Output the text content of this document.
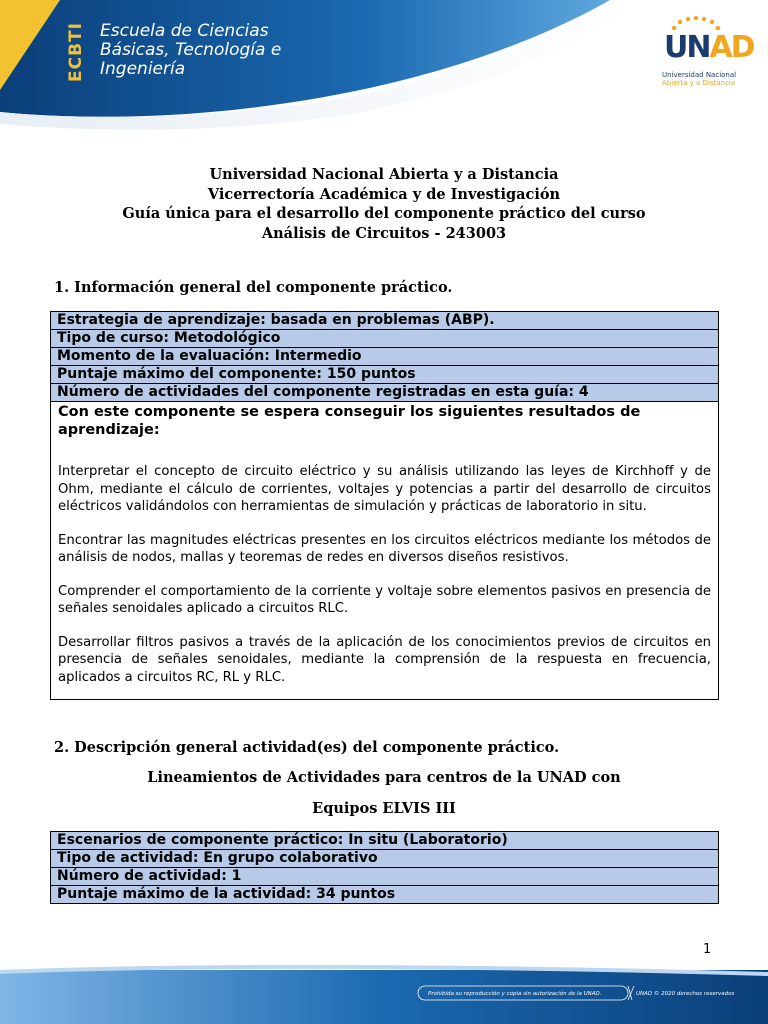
ECBTI Escuela de Ciencias
Básicas, Tecnología e
Ingeniería
UNAD
Universidad Nacional
Abierta y a Distancia
Universidad Nacional Abierta y a Distancia
Vicerrectoría Académica y de Investigación
Guía única para el desarrollo del componente práctico del curso
Análisis de Circuitos - 243003
1. Información general del componente práctico.
Estrategia de aprendizaje: basada en problemas (ABP).
Tipo de curso: Metodológico
Momento de la evaluación: Intermedio
Puntaje máximo del componente: 150 puntos
Número de actividades del componente registradas en esta guía: 4

Con este componente se espera conseguir los siguientes resultados de aprendizaje:
Interpretar el concepto de circuito eléctrico y su análisis utilizando las leyes de Kirchhoff y de Ohm, mediante el cálculo de corrientes, voltajes y potencias a partir del desarrollo de circuitos eléctricos validándolos con herramientas de simulación y prácticas de laboratorio in situ.
Encontrar las magnitudes eléctricas presentes en los circuitos eléctricos mediante los métodos de análisis de nodos, mallas y teoremas de redes en diversos diseños resistivos.
Comprender el comportamiento de la corriente y voltaje sobre elementos pasivos en presencia de señales senoidales aplicado a circuitos RLC.
Desarrollar filtros pasivos a través de la aplicación de los conocimientos previos de circuitos en presencia de señales senoidales, mediante la comprensión de la respuesta en frecuencia, aplicados a circuitos RC, RL y RLC.
2. Descripción general actividad(es) del componente práctico.
Lineamientos de Actividades para centros de la UNAD con
Equipos ELVIS III
Escenarios de componente práctico: In situ (Laboratorio)
Tipo de actividad: En grupo colaborativo
Número de actividad: 1
Puntaje máximo de la actividad: 34 puntos
1
Prohibida su reproducción y copia sin autorización de la UNAD.	UNAD © 2020 derechos reservados
